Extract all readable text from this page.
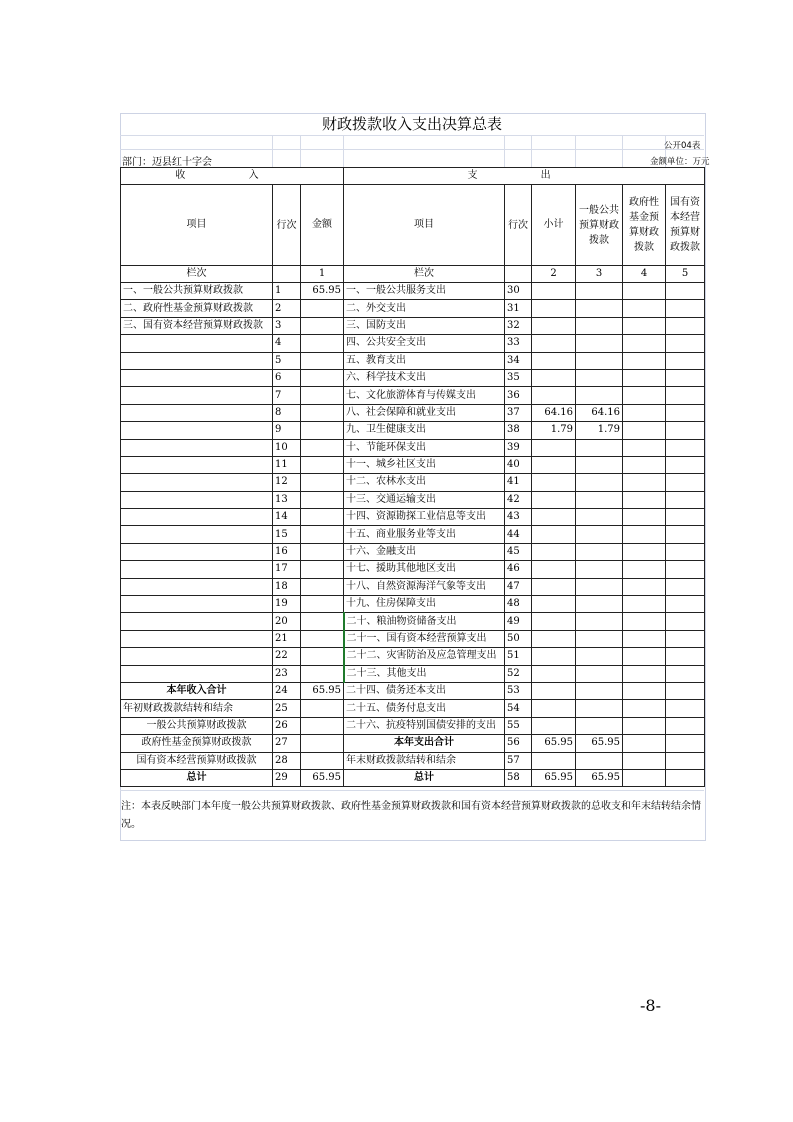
财政拨款收入支出决算总表
公开04表
部门：迈县红十字会	金额单位：万元
收 入			支 出					
项目	行次	金额	项目	行次	小计	一般公共预算财政拨款	政府性基金预算财政拨款	国有资本经营预算财政拨款
栏次		1	栏次		2	3	4	5
一、一般公共预算财政拨款	1	65.95	一、一般公共服务支出	30				
二、政府性基金预算财政拨款	2		二、外交支出	31				
三、国有资本经营预算财政拨款	3		三、国防支出	32				
	4		四、公共安全支出	33				
	5		五、教育支出	34				
	6		六、科学技术支出	35				
	7		七、文化旅游体育与传媒支出	36				
	8		八、社会保障和就业支出	37	64.16	64.16		
	9		九、卫生健康支出	38	1.79	1.79		
	10		十、节能环保支出	39				
	11		十一、城乡社区支出	40				
	12		十二、农林水支出	41				
	13		十三、交通运输支出	42				
	14		十四、资源勘探工业信息等支出	43				
	15		十五、商业服务业等支出	44				
	16		十六、金融支出	45				
	17		十七、援助其他地区支出	46				
	18		十八、自然资源海洋气象等支出	47				
	19		十九、住房保障支出	48				
	20		二十、粮油物资储备支出	49				
	21		二十一、国有资本经营预算支出	50				
	22		二十二、灾害防治及应急管理支出	51				
	23		二十三、其他支出	52				
本年收入合计	24	65.95	二十四、债务还本支出	53				
年初财政拨款结转和结余	25		二十五、债务付息支出	54				
一般公共预算财政拨款	26		二十六、抗疫特别国债安排的支出	55				
政府性基金预算财政拨款	27		本年支出合计	56	65.95	65.95		
国有资本经营预算财政拨款	28		年末财政拨款结转和结余	57				
总计	29	65.95	总计	58	65.95	65.95		
注：本表反映部门本年度一般公共预算财政拨款、政府性基金预算财政拨款和国有资本经营预算财政拨款的总收支和年末结转结余情况。
-8-
